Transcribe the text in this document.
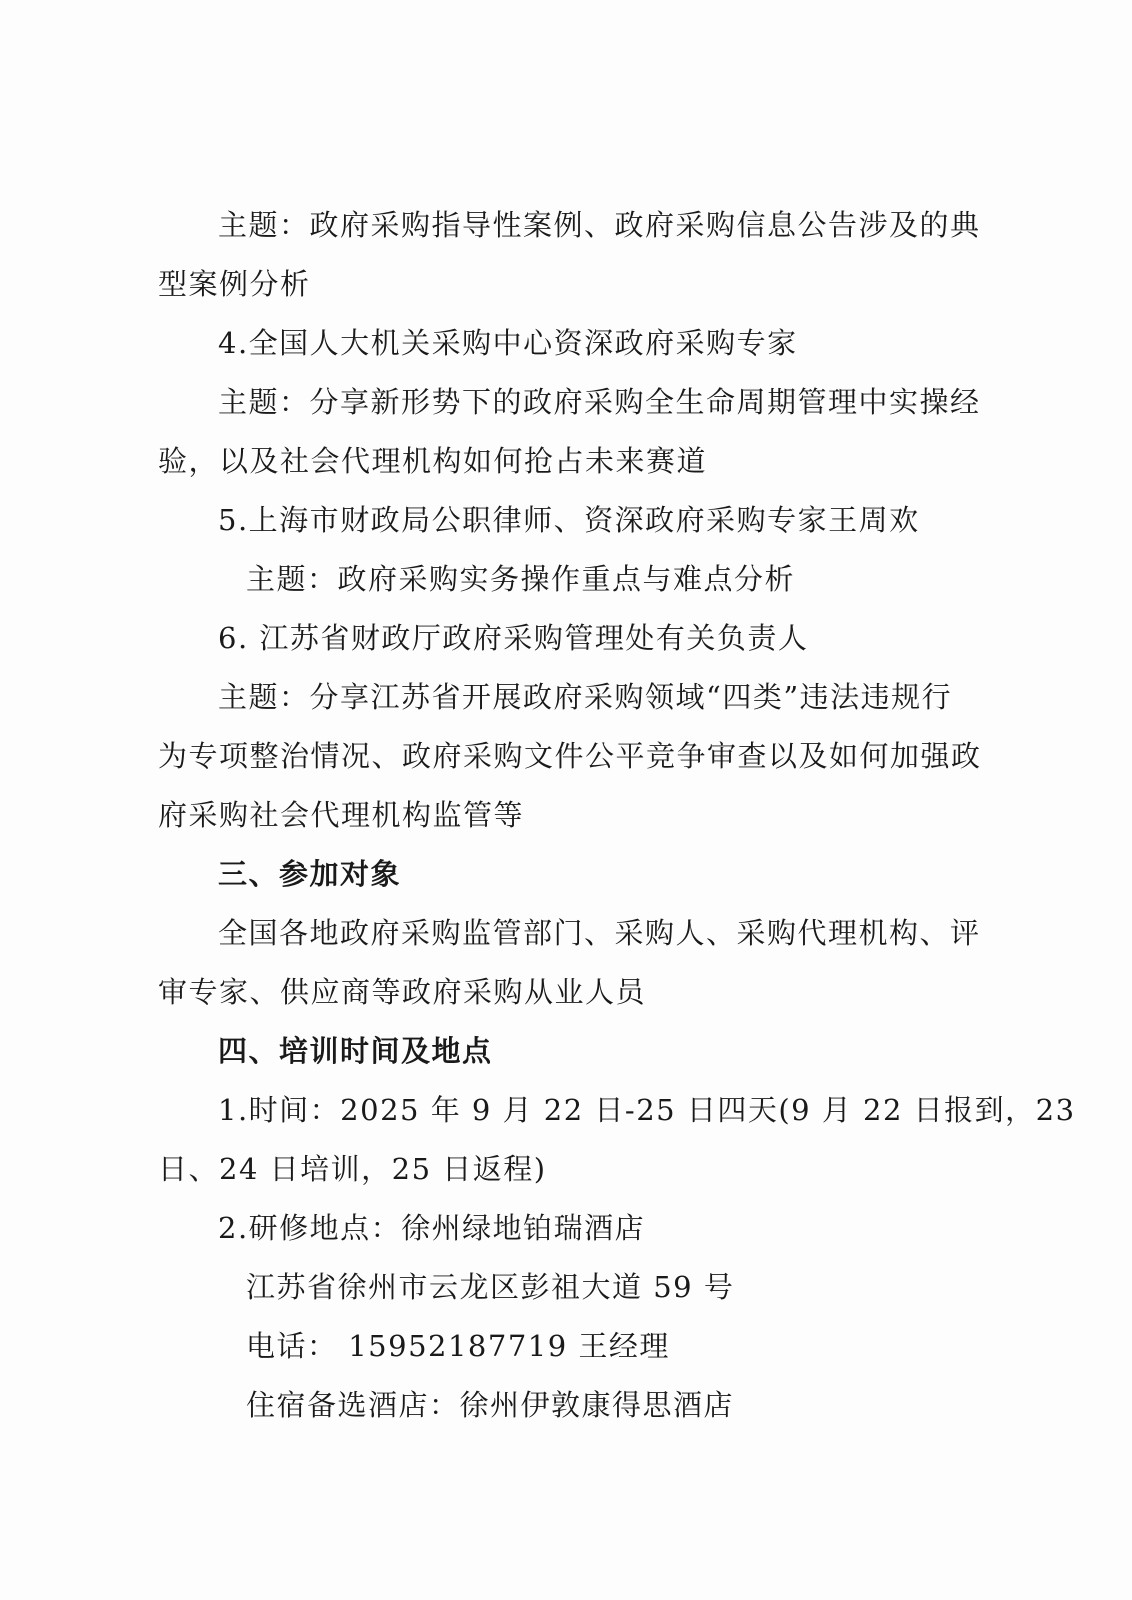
主题：政府采购指导性案例、政府采购信息公告涉及的典
型案例分析
4.全国人大机关采购中心资深政府采购专家
主题：分享新形势下的政府采购全生命周期管理中实操经
验，以及社会代理机构如何抢占未来赛道
5.上海市财政局公职律师、资深政府采购专家王周欢
主题：政府采购实务操作重点与难点分析
6. 江苏省财政厅政府采购管理处有关负责人
主题：分享江苏省开展政府采购领域“四类”违法违规行
为专项整治情况、政府采购文件公平竞争审查以及如何加强政
府采购社会代理机构监管等
三、参加对象
全国各地政府采购监管部门、采购人、采购代理机构、评
审专家、供应商等政府采购从业人员
四、培训时间及地点
1.时间：2025 年 9 月 22 日-25 日四天(9 月 22 日报到，23
日、24 日培训，25 日返程)
2.研修地点：徐州绿地铂瑞酒店
江苏省徐州市云龙区彭祖大道 59 号
电话： 15952187719 王经理
住宿备选酒店：徐州伊敦康得思酒店
